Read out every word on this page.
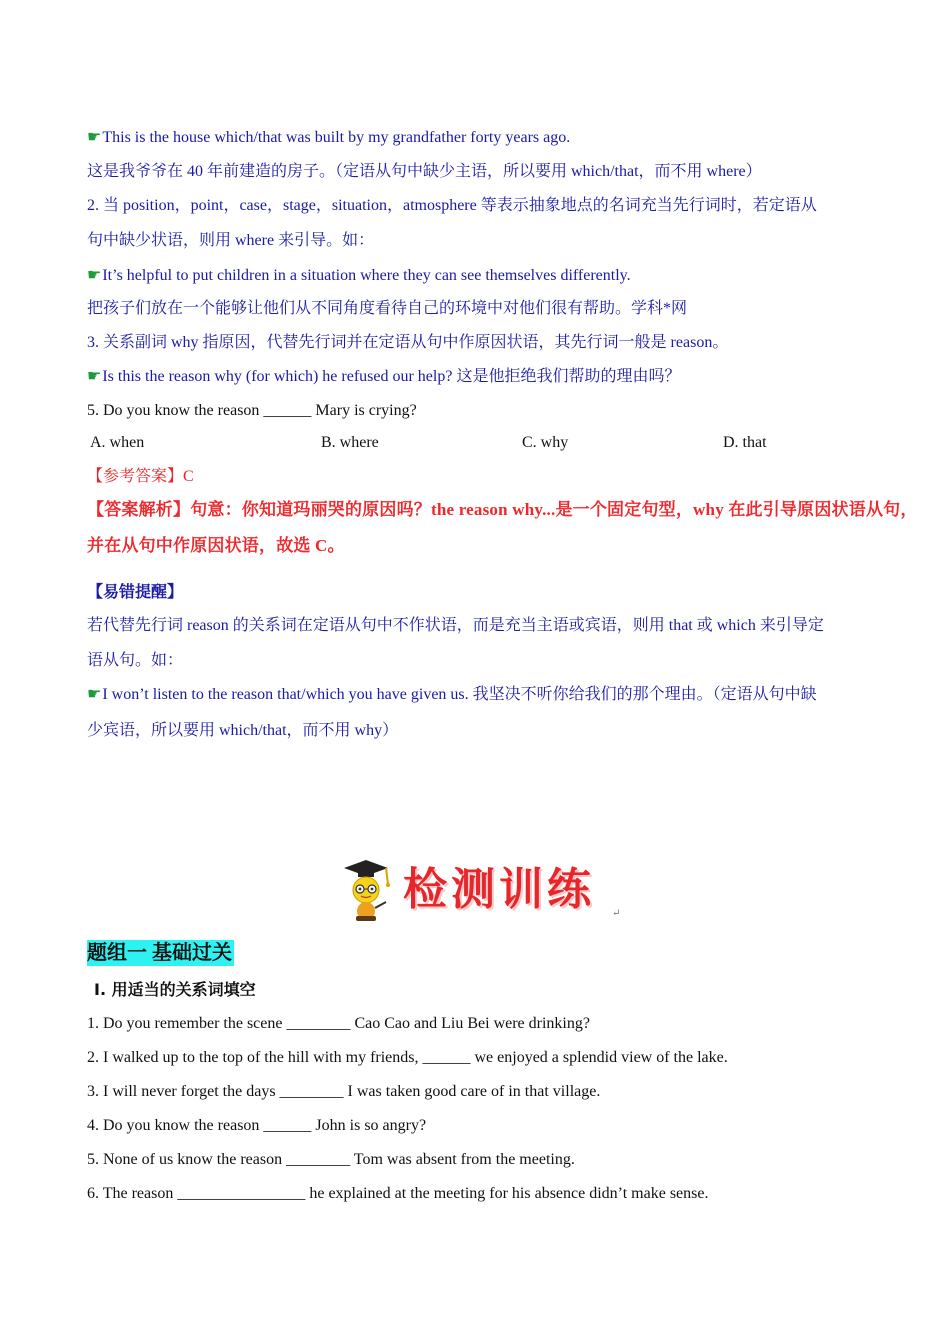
☛This is the house which/that was built by my grandfather forty years ago.
这是我爷爷在 40 年前建造的房子。（定语从句中缺少主语，所以要用 which/that，而不用 where）
2. 当 position，point，case，stage，situation，atmosphere 等表示抽象地点的名词充当先行词时，若定语从
句中缺少状语，则用 where 来引导。如：
☛It’s helpful to put children in a situation where they can see themselves differently.
把孩子们放在一个能够让他们从不同角度看待自己的环境中对他们很有帮助。学科*网
3. 关系副词 why 指原因，代替先行词并在定语从句中作原因状语，其先行词一般是 reason。
☛Is this the reason why (for which) he refused our help? 这是他拒绝我们帮助的理由吗？
5. Do you know the reason ______ Mary is crying?
A. when	B. where	C. why	D. that
【参考答案】C
【答案解析】句意：你知道玛丽哭的原因吗？the reason why...是一个固定句型，why 在此引导原因状语从句，
并在从句中作原因状语，故选 C。
【易错提醒】
若代替先行词 reason 的关系词在定语从句中不作状语，而是充当主语或宾语，则用 that 或 which 来引导定
语从句。如：
☛I won’t listen to the reason that/which you have given us. 我坚决不听你给我们的那个理由。（定语从句中缺
少宾语，所以要用 which/that，而不用 why）
检测训练 ↵
题组一 基础过关
I. 用适当的关系词填空
1. Do you remember the scene ________ Cao Cao and Liu Bei were drinking?
2. I walked up to the top of the hill with my friends, ______ we enjoyed a splendid view of the lake.
3. I will never forget the days ________ I was taken good care of in that village.
4. Do you know the reason ______ John is so angry?
5. None of us know the reason ________ Tom was absent from the meeting.
6. The reason ________________ he explained at the meeting for his absence didn’t make sense.
